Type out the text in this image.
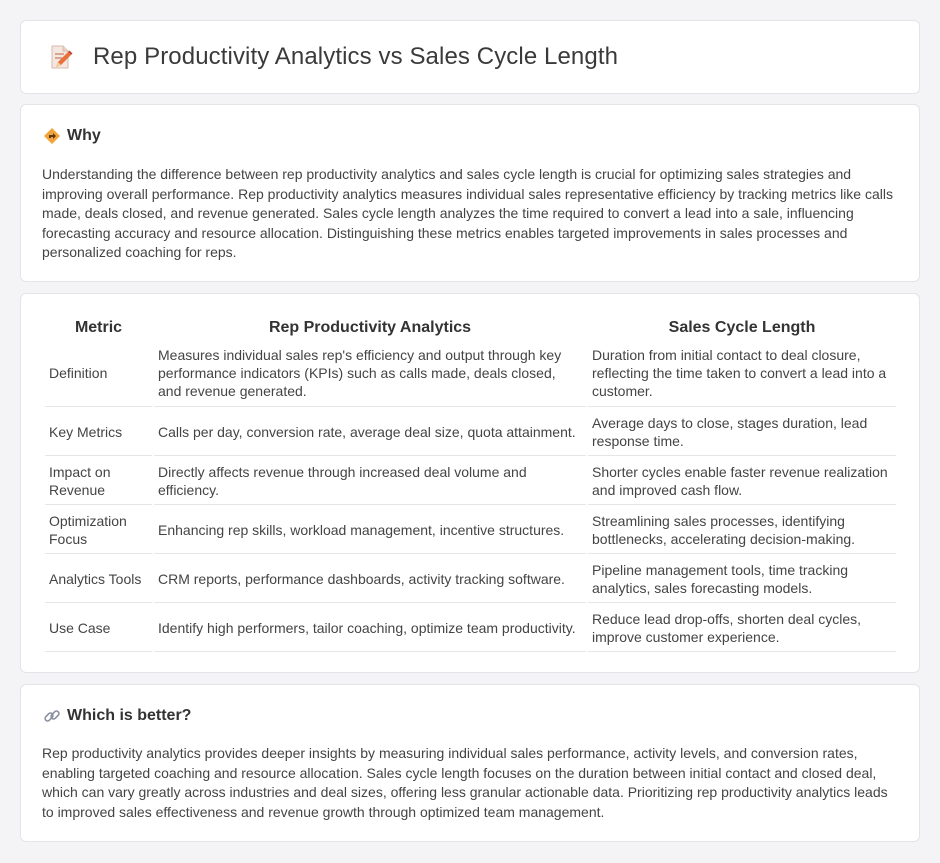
Rep Productivity Analytics vs Sales Cycle Length
Why

Understanding the difference between rep productivity analytics and sales cycle length is crucial for optimizing sales strategies and improving overall performance. Rep productivity analytics measures individual sales representative efficiency by tracking metrics like calls made, deals closed, and revenue generated. Sales cycle length analyzes the time required to convert a lead into a sale, influencing forecasting accuracy and resource allocation. Distinguishing these metrics enables targeted improvements in sales processes and personalized coaching for reps.

Metric	Rep Productivity Analytics	Sales Cycle Length
Definition	Measures individual sales rep's efficiency and output through key performance indicators (KPIs) such as calls made, deals closed, and revenue generated.	Duration from initial contact to deal closure, reflecting the time taken to convert a lead into a customer.
Key Metrics	Calls per day, conversion rate, average deal size, quota attainment.	Average days to close, stages duration, lead response time.
Impact on Revenue	Directly affects revenue through increased deal volume and efficiency.	Shorter cycles enable faster revenue realization and improved cash flow.
Optimization Focus	Enhancing rep skills, workload management, incentive structures.	Streamlining sales processes, identifying bottlenecks, accelerating decision-making.
Analytics Tools	CRM reports, performance dashboards, activity tracking software.	Pipeline management tools, time tracking analytics, sales forecasting models.
Use Case	Identify high performers, tailor coaching, optimize team productivity.	Reduce lead drop-offs, shorten deal cycles, improve customer experience.
Which is better?

Rep productivity analytics provides deeper insights by measuring individual sales performance, activity levels, and conversion rates, enabling targeted coaching and resource allocation. Sales cycle length focuses on the duration between initial contact and closed deal, which can vary greatly across industries and deal sizes, offering less granular actionable data. Prioritizing rep productivity analytics leads to improved sales effectiveness and revenue growth through optimized team management.
